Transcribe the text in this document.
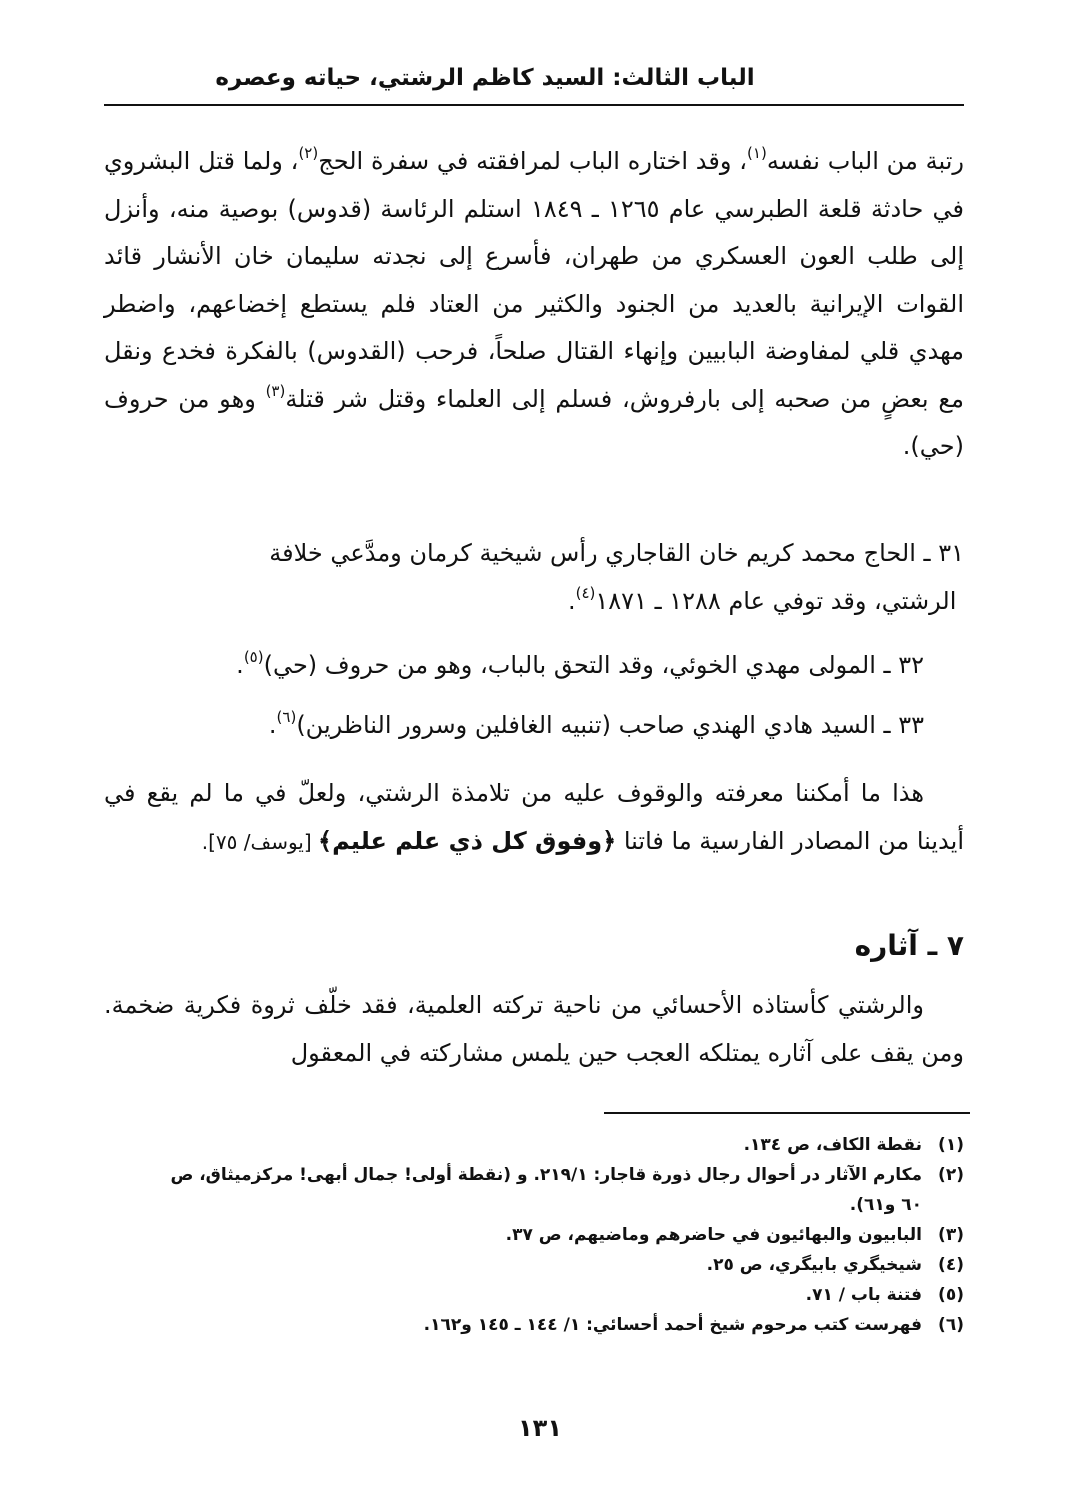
الباب الثالث: السيد كاظم الرشتي، حياته وعصره

رتبة من الباب نفسه$^{(١)}$، وقد اختاره الباب لمرافقته في سفرة الحج$^{(٢)}$، ولما قتل البشروي في حادثة قلعة الطبرسي عام ١٢٦٥ ـ ١٨٤٩ استلم الرئاسة (قدوس) بوصية منه، وأنزل إلى طلب العون العسكري من طهران، فأسرع إلى نجدته سليمان خان الأنشار قائد القوات الإيرانية بالعديد من الجنود والكثير من العتاد فلم يستطع إخضاعهم، واضطر مهدي قلي لمفاوضة البابيين وإنهاء القتال صلحاً، فرحب (القدوس) بالفكرة فخدع ونقل مع بعضٍ من صحبه إلى بارفروش، فسلم إلى العلماء وقتل شر قتلة$^{(٣)}$ وهو من حروف (حي).

٣١ ـ الحاج محمد كريم خان القاجاري رأس شيخية كرمان ومدَّعي خلافة
الرشتي، وقد توفي عام ١٢٨٨ ـ ١٨٧١$^{(٤)}$.

٣٢ ـ المولى مهدي الخوئي، وقد التحق بالباب، وهو من حروف (حي)$^{(٥)}$.

٣٣ ـ السيد هادي الهندي صاحب (تنبيه الغافلين وسرور الناظرين)$^{(٦)}$.

هذا ما أمكننا معرفته والوقوف عليه من تلامذة الرشتي، ولعلّ في ما لم يقع في أيدينا من المصادر الفارسية ما فاتنا ﴿وفوق كل ذي علم عليم﴾ [يوسف/ ٧٥].

٧ ـ آثاره

والرشتي كأستاذه الأحسائي من ناحية تركته العلمية، فقد خلّف ثروة فكرية ضخمة. ومن يقف على آثاره يمتلكه العجب حين يلمس مشاركته في المعقول

(١)نقطة الكاف، ص ١٣٤.
(٢)مكارم الآثار در أحوال رجال ذورة قاجار: ٢١٩/١. و (نقطة أولى! جمال أبهى! مركزميثاق، ص
٦٠ و٦١).
(٣)البابيون والبهائيون في حاضرهم وماضيهم، ص ٣٧.
(٤)شيخيگري بابيگري، ص ٢٥.
(٥)فتنة باب / ٧١.
(٦)فهرست كتب مرحوم شيخ أحمد أحسائي: ١/ ١٤٤ ـ ١٤٥ و١٦٢.
١٣١
